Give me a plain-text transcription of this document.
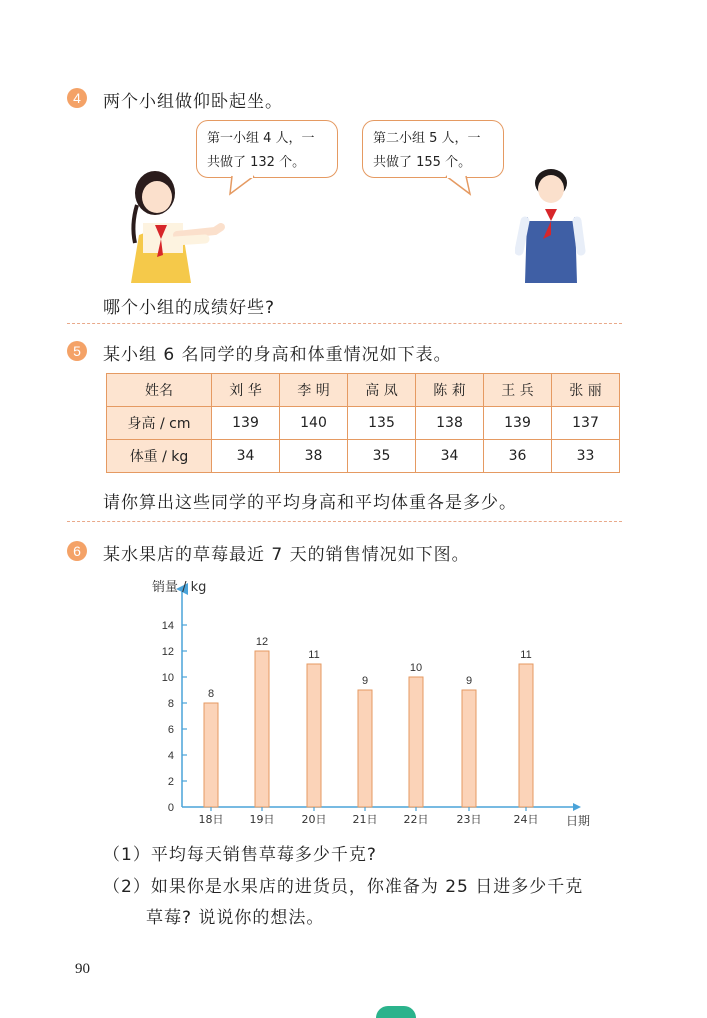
4	两个小组做仰卧起坐。
第一小组 4 人，一
共做了 132 个。
第二小组 5 人，一
共做了 155 个。
哪个小组的成绩好些?
5	某小组 6 名同学的身高和体重情况如下表。
姓名	刘 华	李 明	高 凤	陈 莉	王 兵	张 丽
身高 / cm	139	140	135	138	139	137
体重 / kg	34	38	35	34	36	33
请你算出这些同学的平均身高和平均体重各是多少。
6	某水果店的草莓最近 7 天的销售情况如下图。
销量 / kg
日期
0
2
4
6
8
10
12
14
8
18日
12
19日
11
20日
9
21日
10
22日
9
23日
11
24日
（1）平均每天销售草莓多少千克?
（2）如果你是水果店的进货员，你准备为 25 日进多少千克
草莓? 说说你的想法。
90
